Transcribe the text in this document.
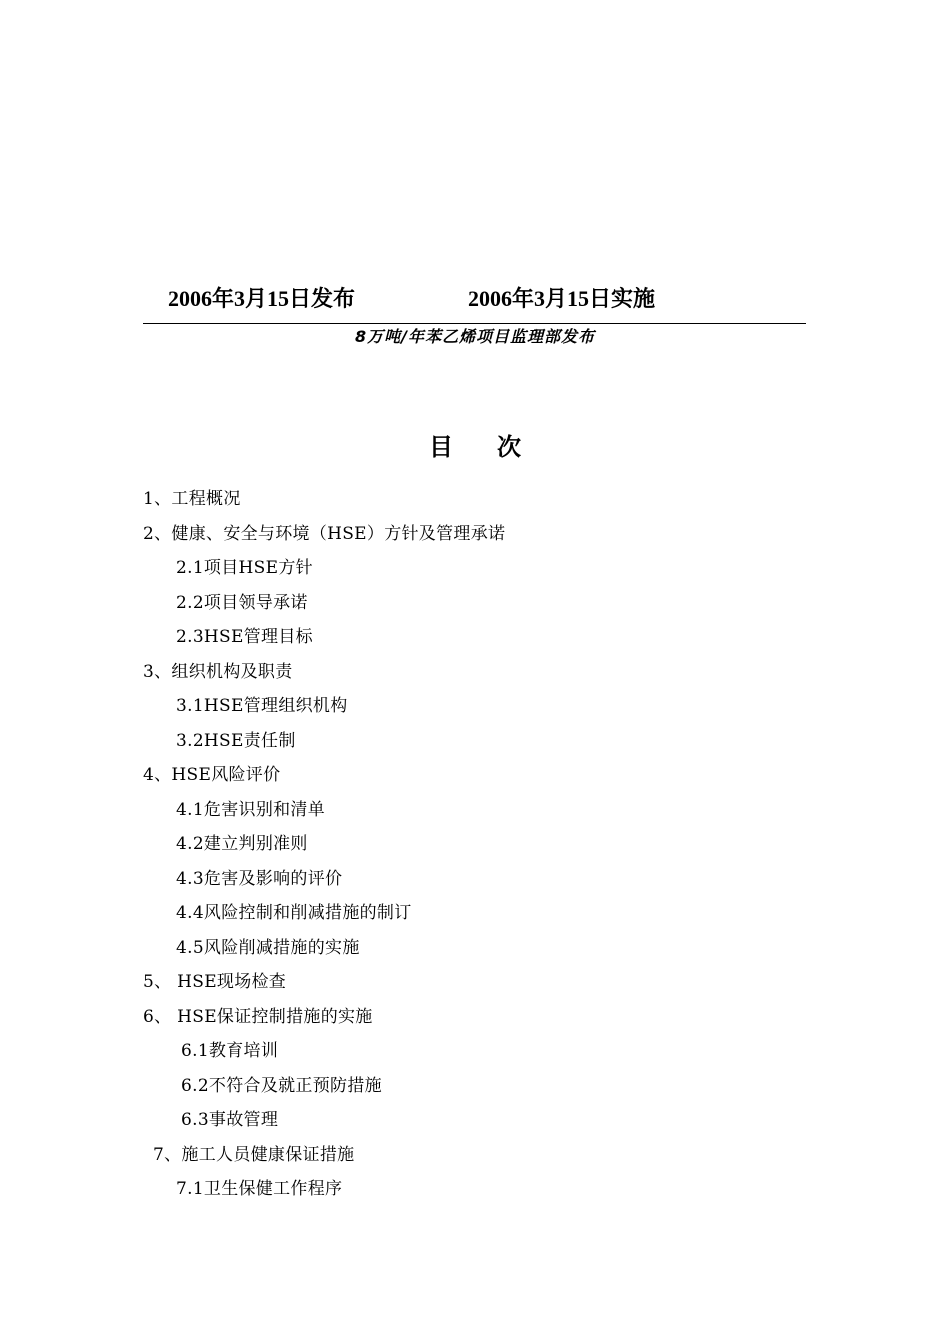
2006年3月15日发布	2006年3月15日实施
8万吨/年苯乙烯项目监理部发布
目次
1、工程概况
2、健康、安全与环境（HSE）方针及管理承诺
2.1项目HSE方针
2.2项目领导承诺
2.3HSE管理目标
3、组织机构及职责
3.1HSE管理组织机构
3.2HSE责任制
4、HSE风险评价
4.1危害识别和清单
4.2建立判别准则
4.3危害及影响的评价
4.4风险控制和削减措施的制订
4.5风险削减措施的实施
5、 HSE现场检查
6、 HSE保证控制措施的实施
6.1教育培训
6.2不符合及就正预防措施
6.3事故管理
7、施工人员健康保证措施
7.1卫生保健工作程序
